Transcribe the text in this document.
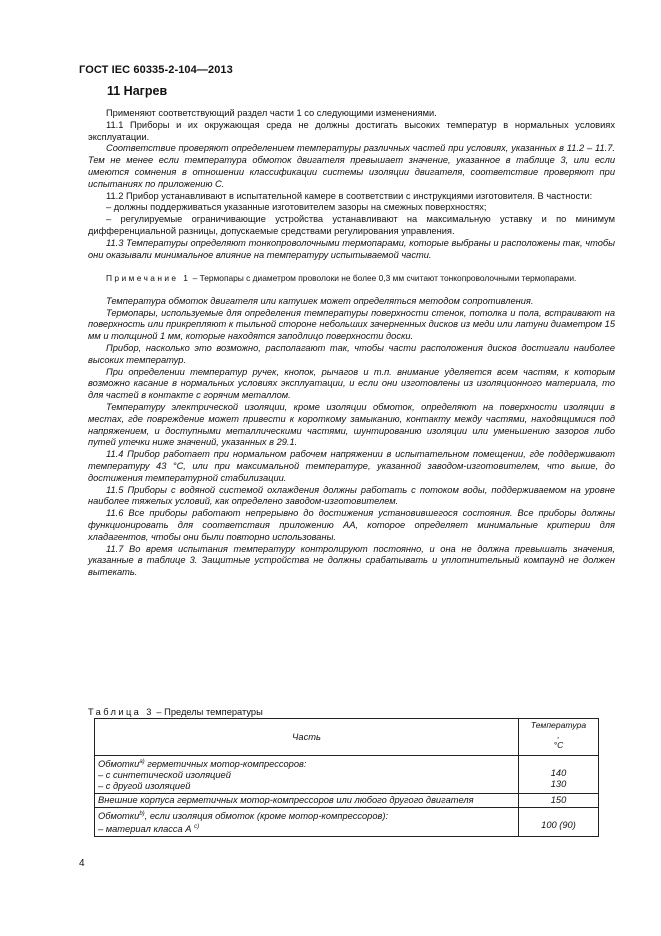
ГОСТ IEC 60335-2-104—2013
11 Нагрев

Применяют соответствующий раздел части 1 со следующими изменениями.

11.1 Приборы и их окружающая среда не должны достигать высоких температур в нормальных условиях эксплуатации.

Соответствие проверяют определением температуры различных частей при условиях, указанных в 11.2 – 11.7. Тем не менее если температура обмоток двигателя превышает значение, указанное в таблице 3, или если имеются сомнения в отношении классификации системы изоляции двигателя, соответствие проверяют при испытаниях по приложению С.

11.2 Прибор устанавливают в испытательной камере в соответствии с инструкциями изготовителя. В частности:

– должны поддерживаться указанные изготовителем зазоры на смежных поверхностях;

– регулируемые ограничивающие устройства устанавливают на максимальную уставку и по минимум дифференциальной разницы, допускаемые средствами регулирования управления.

11.3 Температуры определяют тонкопроволочными термопарами, которые выбраны и расположены так, чтобы они оказывали минимальное влияние на температуру испытываемой части.

Примечание 1 – Термопары с диаметром проволоки не более 0,3 мм считают тонкопроволочными термопарами.

Температура обмоток двигателя или катушек может определяться методом сопротивления.

Термопары, используемые для определения температуры поверхности стенок, потолка и пола, встраивают на поверхность или прикрепляют к тыльной стороне небольших зачерненных дисков из меди или латуни диаметром 15 мм и толщиной 1 мм, которые находятся заподлицо поверхности доски.

Прибор, насколько это возможно, располагают так, чтобы части расположения дисков достигали наиболее высоких температур.

При определении температур ручек, кнопок, рычагов и т.п. внимание уделяется всем частям, к которым возможно касание в нормальных условиях эксплуатации, и если они изготовлены из изоляционного материала, то для частей в контакте с горячим металлом.

Температуру электрической изоляции, кроме изоляции обмоток, определяют на поверхности изоляции в местах, где повреждение может привести к короткому замыканию, контакту между частями, находящимися под напряжением, и доступными металлическими частями, шунтированию изоляции или уменьшению зазоров либо путей утечки ниже значений, указанных в 29.1.

11.4 Прибор работает при нормальном рабочем напряжении в испытательном помещении, где поддерживают температуру 43 °С, или при максимальной температуре, указанной заводом-изготовителем, что выше, до достижения температурной стабилизации.

11.5 Приборы с водяной системой охлаждения должны работать с потоком воды, поддерживаемом на уровне наиболее тяжелых условий, как определено заводом-изготовителем.

11.6 Все приборы работают непрерывно до достижения установившегося состояния. Все приборы должны функционировать для соответствия приложению АА, которое определяет минимальные критерии для хладагентов, чтобы они были повторно использованы.

11.7 Во время испытания температуру контролируют постоянно, и она не должна превышать значения, указанные в таблице 3. Защитные устройства не должны срабатывать и уплотнительный компаунд не должен вытекать.

Таблица 3 – Пределы температуры
Часть	Температура
,
°С
Обмотки$^{a)}$ герметичных мотор-компрессоров:
– с синтетической изоляцией
– с другой изоляцией	140
130
Внешние корпуса герметичных мотор-компрессоров или любого другого двигателя	150
Обмотки$^{b)}$, если изоляция обмоток (кроме мотор-компрессоров):
– материал класса А $^{c)}$	100 (90)
4
